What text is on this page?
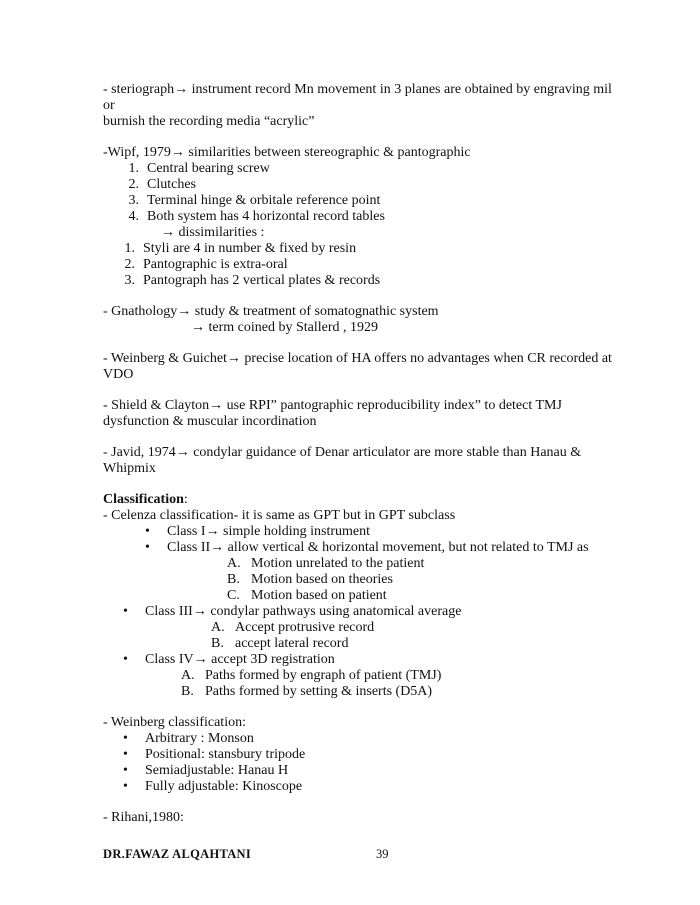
- steriograph→ instrument record Mn movement in 3 planes are obtained by engraving mil or

burnish the recording media “acrylic”

-Wipf, 1979→ similarities between stereographic & pantographic

1. Central bearing screw
2. Clutches
3. Terminal hinge & orbitale reference point
4. Both system has 4 horizontal record tables

→ dissimilarities :

1. Styli are 4 in number & fixed by resin
2. Pantographic is extra-oral
3. Pantograph has 2 vertical plates & records

- Gnathology→ study & treatment of somatognathic system

→ term coined by Stallerd , 1929

- Weinberg & Guichet→ precise location of HA offers no advantages when CR recorded at

VDO

- Shield & Clayton→ use RPI” pantographic reproducibility index” to detect TMJ

dysfunction & muscular incordination

- Javid, 1974→ condylar guidance of Denar articulator are more stable than Hanau &

Whipmix

Classification:

- Celenza classification- it is same as GPT but in GPT subclass

• Class I→ simple holding instrument
• Class II→ allow vertical & horizontal movement, but not related to TMJ as
A. Motion unrelated to the patient
B. Motion based on theories
C. Motion based on patient
• Class III→ condylar pathways using anatomical average
A. Accept protrusive record
B. accept lateral record
• Class IV→ accept 3D registration
A. Paths formed by engraph of patient (TMJ)
B. Paths formed by setting & inserts (D5A)

- Weinberg classification:

• Arbitrary : Monson
• Positional: stansbury tripode
• Semiadjustable: Hanau H
• Fully adjustable: Kinoscope

- Rihani,1980:

DR.FAWAZ ALQAHTANI	39
